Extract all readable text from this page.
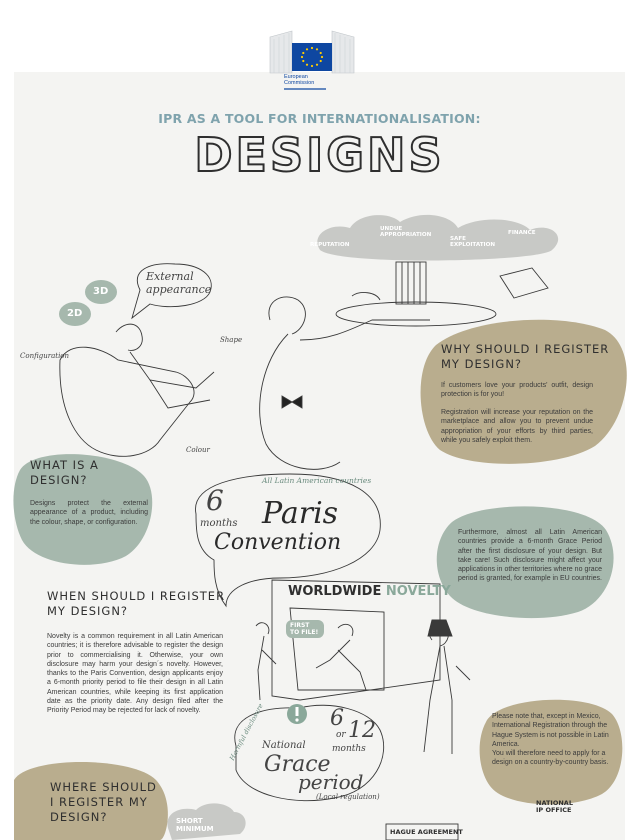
European
Commission
IPR AS A TOOL FOR INTERNATIONALISATION:
DESIGNS
REPUTATION
UNDUE APPROPRIATION
SAFE EXPLOITATION
FINANCE
2D
3D
External
appearance
Configuration
Shape
Colour
All Latin American countries
6
months Paris
Convention
WORLDWIDE NOVELTY
FIRST TO FILE!
Harmful disclosure	6
or 12
months
National
Grace
period
(Local regulation)
SHORT MINIMUM
NATIONAL IP OFFICE
HAGUE AGREEMENT
WHY SHOULD I REGISTER MY DESIGN?
If customers love your products' outfit, design protection is for you!
Registration will increase your reputation on the marketplace and allow you to prevent undue appropriation of your efforts by third parties, while you safely exploit them.
WHAT IS A DESIGN?
Designs protect the external appearance of a product, including the colour, shape, or configuration.
Furthermore, almost all Latin American countries provide a 6-month Grace Period after the first disclosure of your design. But take care! Such disclosure might affect your applications in other territories where no grace period is granted, for example in EU countries.
WHEN SHOULD I REGISTER MY DESIGN?
Novelty is a common requirement in all Latin American countries; it is therefore advisable to register the design prior to commercialising it. Otherwise, your own disclosure may harm your design´s novelty. However, thanks to the Paris Convention, design applicants enjoy a 6-month priority period to file their design in all Latin American countries, while keeping its first application date as the priority date. Any design filed after the Priority Period may be rejected for lack of novelty.
Please note that, except in Mexico, International Registration through the Hague System is not possible in Latin America.
You will therefore need to apply for a design on a country-by-country basis.
WHERE SHOULD I REGISTER MY DESIGN?
